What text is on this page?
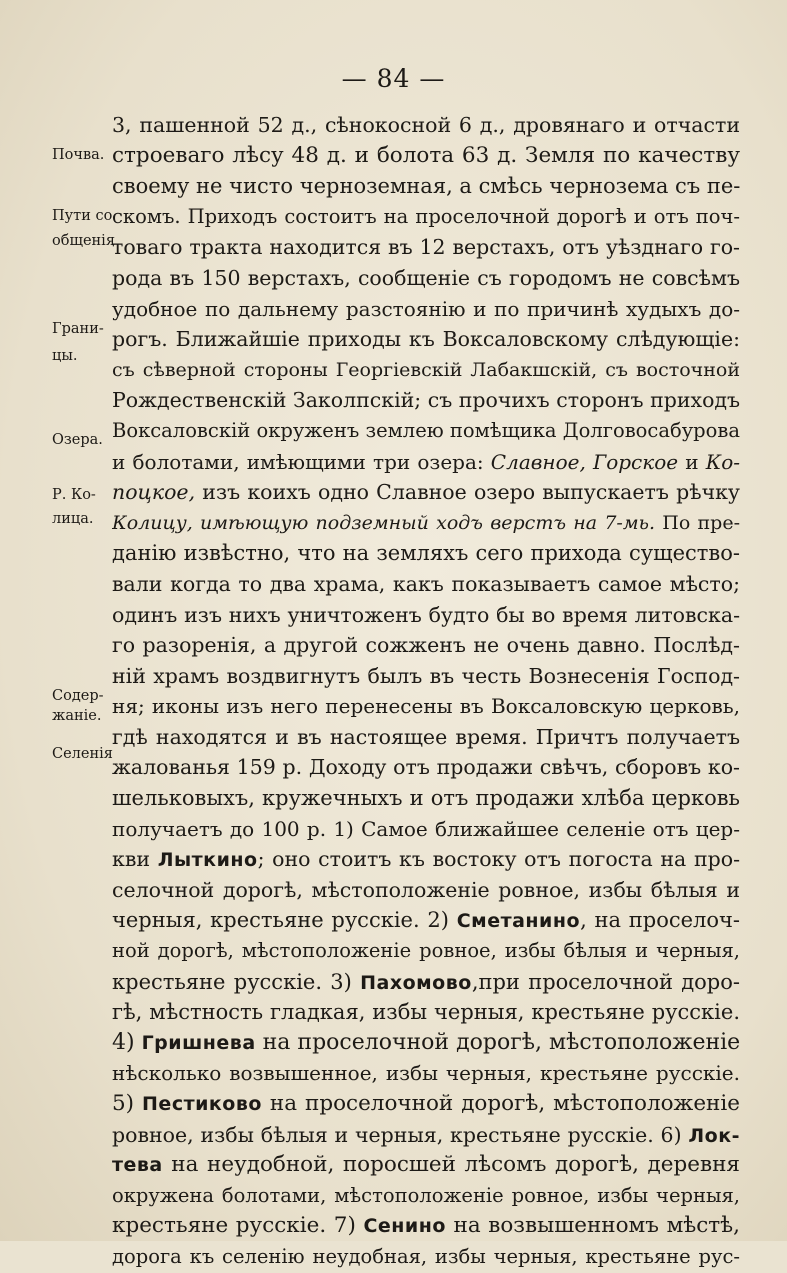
— 84 —
Почва.
Пути со
общенія
Грани-
цы.
Озера.
Р. Ко-
лица.
Содер-
жаніе.
Селенія
3, пашенной 52 д., сѣнокосной 6 д., дровянаго и отчасти
строеваго лѣсу 48 д. и болота 63 д. Земля по качеству
своему не чисто черноземная, а смѣсь чернозема съ пе-
скомъ. Приходъ состоитъ на проселочной дорогѣ и отъ поч-
товаго тракта находится въ 12 верстахъ, отъ уѣзднаго го-
рода въ 150 верстахъ, сообщеніе съ городомъ не совсѣмъ
удобное по дальнему разстоянію и по причинѣ худыхъ до-
рогъ. Ближайшіе приходы къ Воксаловскому слѣдующіе:
съ сѣверной стороны Георгіевскій Лабакшскій, съ восточной
Рождественскій Заколпскій; съ прочихъ сторонъ приходъ
Воксаловскій окруженъ землею помѣщика Долговосабурова
и болотами, имѣющими три озера: Славное, Горское и Ко-
поцкое, изъ коихъ одно Славное озеро выпускаетъ рѣчку
Колицу, имѣющую подземный ходъ верстъ на 7-мь. По пре-
данію извѣстно, что на земляхъ сего прихода существо-
вали когда то два храма, какъ показываетъ самое мѣсто;
одинъ изъ нихъ уничтоженъ будто бы во время литовска-
го разоренія, а другой сожженъ не очень давно. Послѣд-
ній храмъ воздвигнутъ былъ въ честь Вознесенія Господ-
ня; иконы изъ него перенесены въ Воксаловскую церковь,
гдѣ находятся и въ настоящее время. Причтъ получаетъ
жалованья 159 р. Доходу отъ продажи свѣчъ, сборовъ ко-
шельковыхъ, кружечныхъ и отъ продажи хлѣба церковь
получаетъ до 100 р. 1) Самое ближайшее селеніе отъ цер-
кви Лыткино; оно стоитъ къ востоку отъ погоста на про-
селочной дорогѣ, мѣстоположеніе ровное, избы бѣлыя и
черныя, крестьяне русскіе. 2) Сметанино, на проселоч-
ной дорогѣ, мѣстоположеніе ровное, избы бѣлыя и черныя,
крестьяне русскіе. 3) Пахомово,при проселочной доро-
гѣ, мѣстность гладкая, избы черныя, крестьяне русскіе.
4) Гришнева на проселочной дорогѣ, мѣстоположеніе
нѣсколько возвышенное, избы черныя, крестьяне русскіе.
5) Пестиково на проселочной дорогѣ, мѣстоположеніе
ровное, избы бѣлыя и черныя, крестьяне русскіе. 6) Лок-
тева на неудобной, поросшей лѣсомъ дорогѣ, деревня
окружена болотами, мѣстоположеніе ровное, избы черныя,
крестьяне русскіе. 7) Сенино на возвышенномъ мѣстѣ,
дорога къ селенію неудобная, избы черныя, крестьяне рус-
